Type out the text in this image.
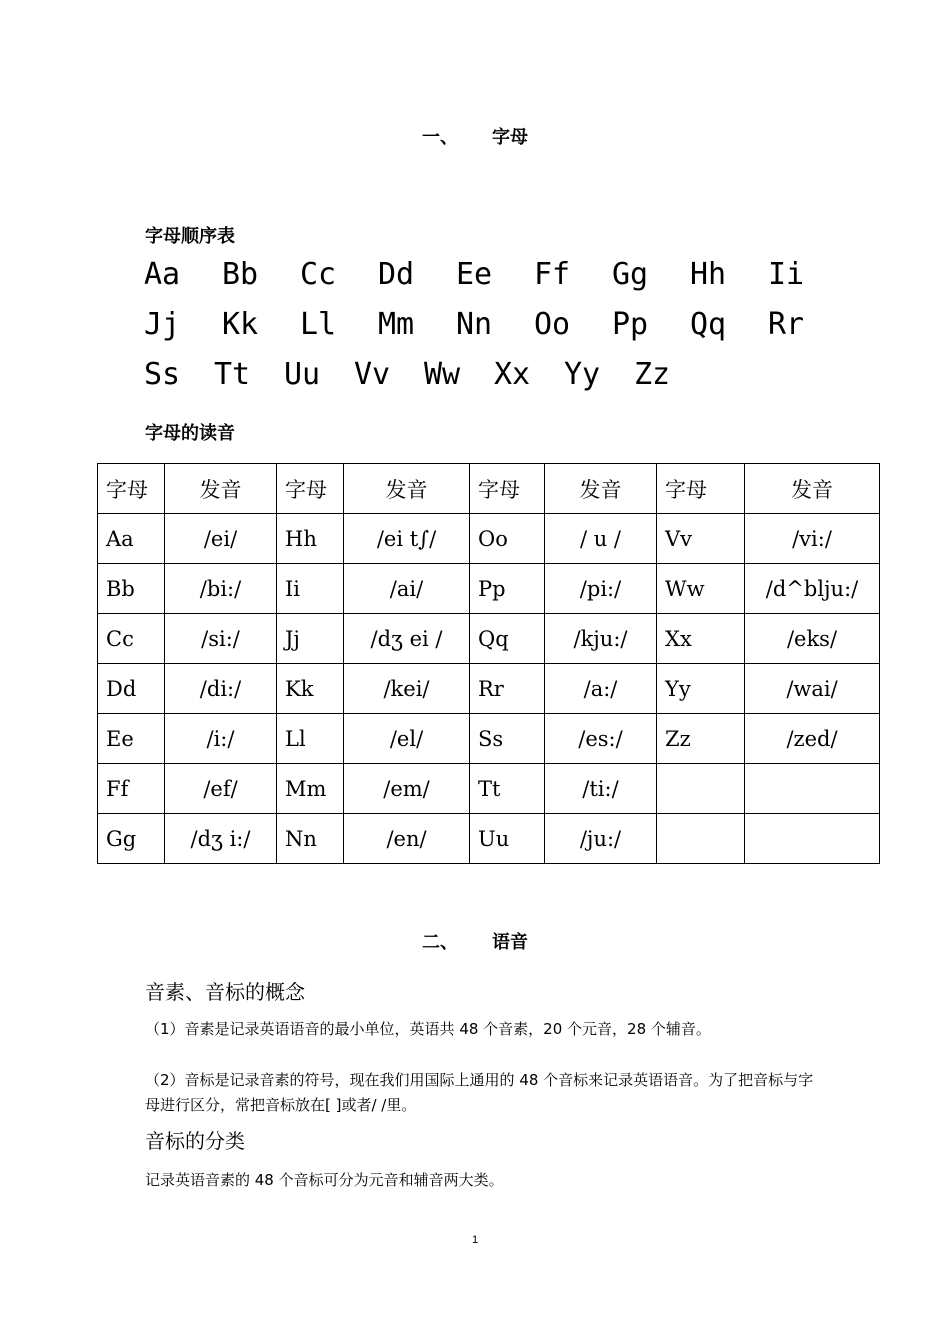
一、 字母
字母顺序表
Aa Bb Cc Dd Ee Ff Gg Hh Ii
Jj Kk Ll Mm Nn Oo Pp Qq Rr
Ss Tt Uu Vv Ww Xx Yy Zz
字母的读音
字母	发音	字母	发音	字母	发音	字母	发音
Aa	/ei/	Hh	/ei t∫/	Oo	/ u /	Vv	/vi:/
Bb	/bi:/	Ii	/ai/	Pp	/pi:/	Ww	/d^blju:/
Cc	/si:/	Jj	/dʒ ei /	Qq	/kju:/	Xx	/eks/
Dd	/di:/	Kk	/kei/	Rr	/a:/	Yy	/wai/
Ee	/i:/	Ll	/el/	Ss	/es:/	Zz	/zed/
Ff	/ef/	Mm	/em/	Tt	/ti:/		
Gg	/dʒ i:/	Nn	/en/	Uu	/ju:/		
二、 语音
音素、音标的概念
（1）音素是记录英语语音的最小单位，英语共 48 个音素，20 个元音，28 个辅音。
（2）音标是记录音素的符号，现在我们用国际上通用的 48 个音标来记录英语语音。为了把音标与字母进行区分，常把音标放在[ ]或者/ /里。
音标的分类
记录英语音素的 48 个音标可分为元音和辅音两大类。
1
